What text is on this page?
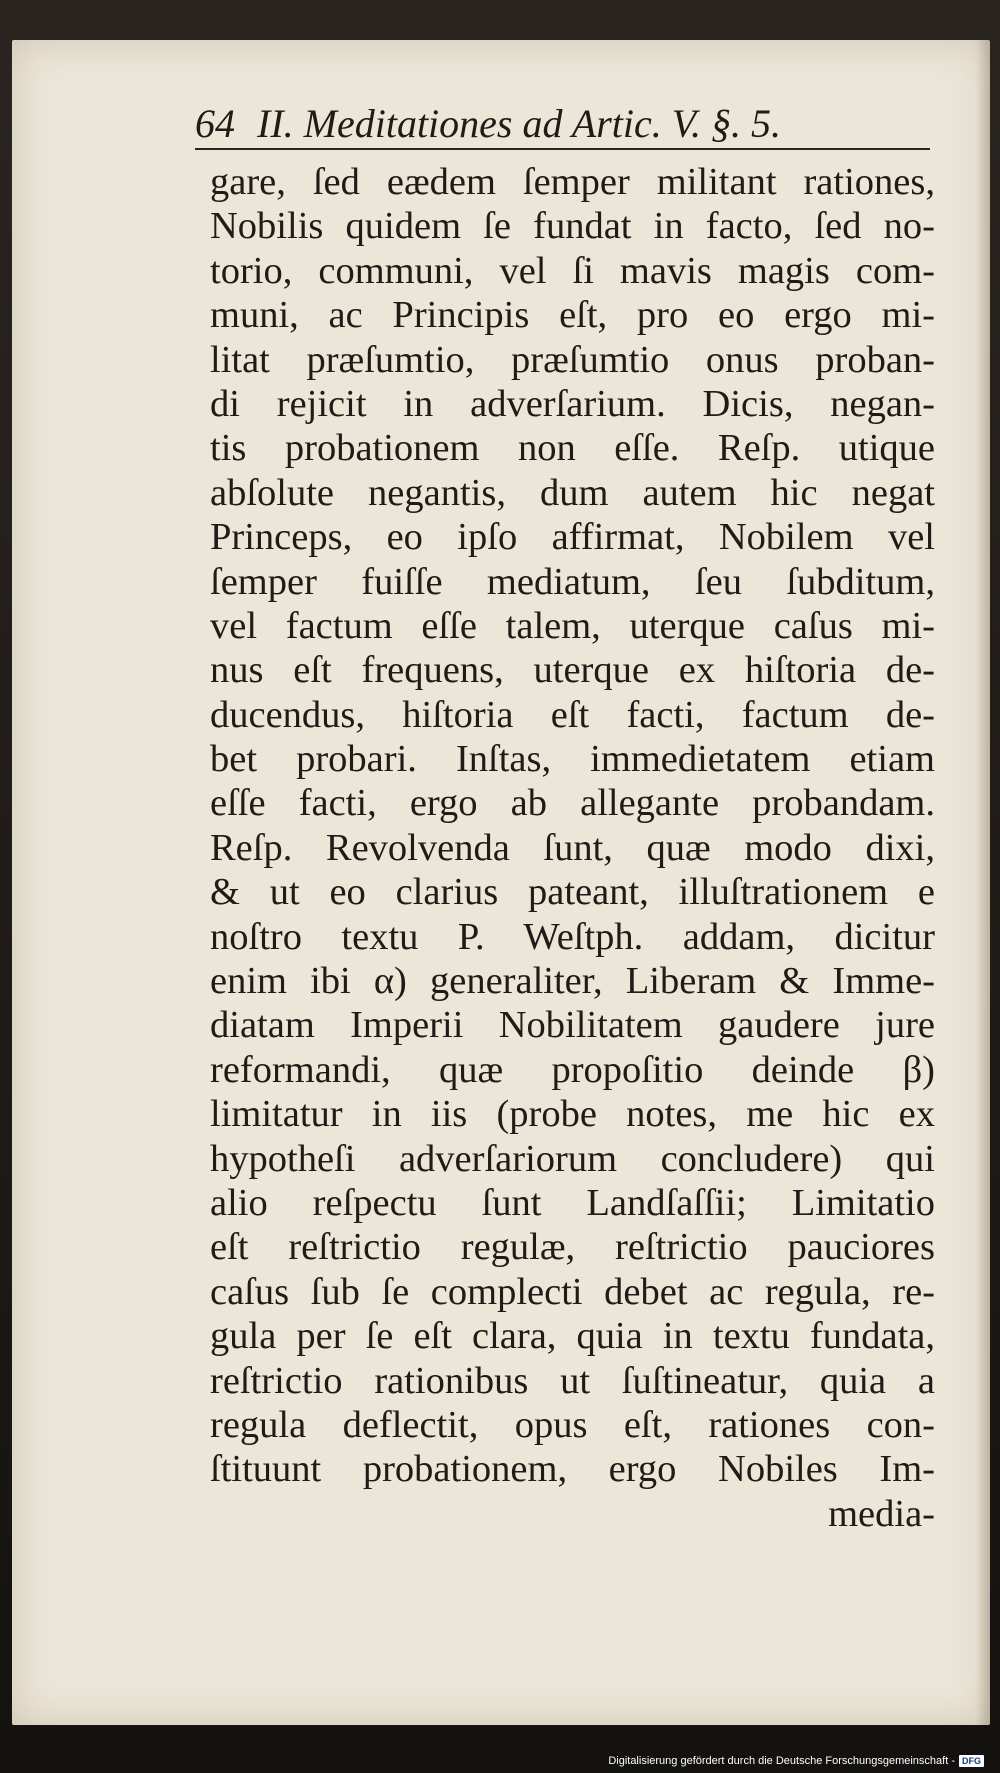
64 II. Meditationes ad Artic. V. §. 5.
gare, ſed eædem ſemper militant rationes,
Nobilis quidem ſe fundat in facto, ſed no-
torio, communi, vel ſi mavis magis com-
muni, ac Principis eſt, pro eo ergo mi-
litat præſumtio, præſumtio onus proban-
di rejicit in adverſarium. Dicis, negan-
tis probationem non eſſe. Reſp. utique
abſolute negantis, dum autem hic negat
Princeps, eo ipſo affirmat, Nobilem vel
ſemper fuiſſe mediatum, ſeu ſubditum,
vel factum eſſe talem, uterque caſus mi-
nus eſt frequens, uterque ex hiſtoria de-
ducendus, hiſtoria eſt facti, factum de-
bet probari. Inſtas, immedietatem etiam
eſſe facti, ergo ab allegante probandam.
Reſp. Revolvenda ſunt, quæ modo dixi,
& ut eo clarius pateant, illuſtrationem e
noſtro textu P. Weſtph. addam, dicitur
enim ibi α) generaliter, Liberam & Imme-
diatam Imperii Nobilitatem gaudere jure
reformandi, quæ propoſitio deinde β)
limitatur in iis (probe notes, me hic ex
hypotheſi adverſariorum concludere) qui
alio reſpectu ſunt Landſaſſii; Limitatio
eſt reſtrictio regulæ, reſtrictio pauciores
caſus ſub ſe complecti debet ac regula, re-
gula per ſe eſt clara, quia in textu fundata,
reſtrictio rationibus ut ſuſtineatur, quia a
regula deflectit, opus eſt, rationes con-
ſtituunt probationem, ergo Nobiles Im-
media-
Digitalisierung gefördert durch die Deutsche Forschungsgemeinschaft - DFG
